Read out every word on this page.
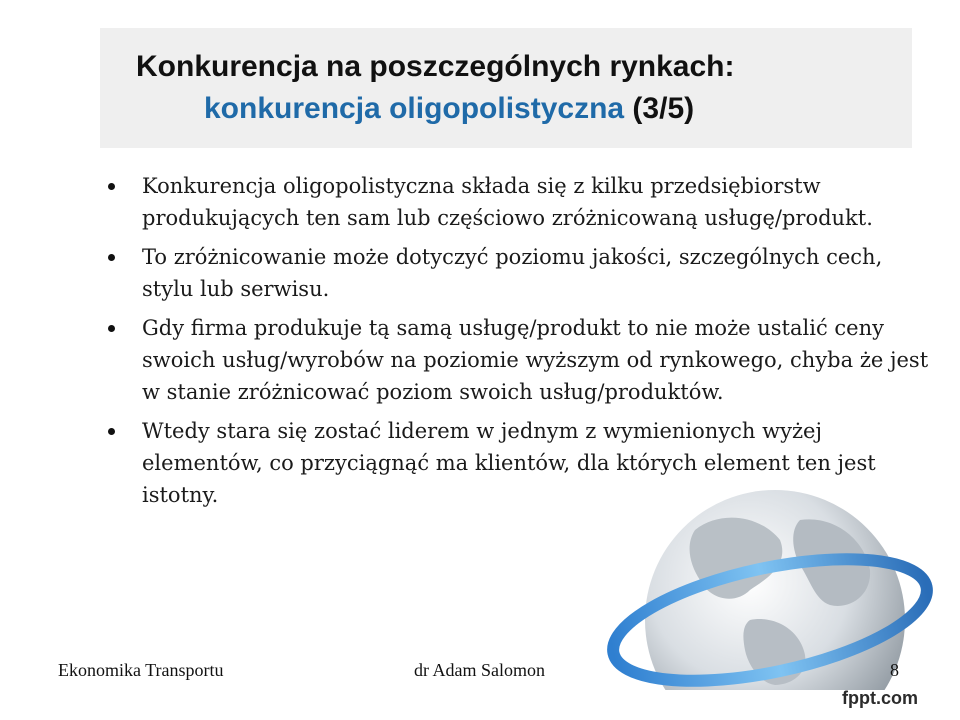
Konkurencja na poszczególnych rynkach:
konkurencja oligopolistyczna (3/5)
Konkurencja oligopolistyczna składa się z kilku przedsiębiorstw produkujących ten sam lub częściowo zróżnicowaną usługę/produkt.
To zróżnicowanie może dotyczyć poziomu jakości, szczególnych cech, stylu lub serwisu.
Gdy firma produkuje tą samą usługę/produkt to nie może ustalić ceny swoich usług/wyrobów na poziomie wyższym od rynkowego, chyba że jest w stanie zróżnicować poziom swoich usług/produktów.
Wtedy stara się zostać liderem w jednym z wymienionych wyżej elementów, co przyciągnąć ma klientów, dla których element ten jest istotny.
Ekonomika Transportu	dr Adam Salomon	8
fppt.com
